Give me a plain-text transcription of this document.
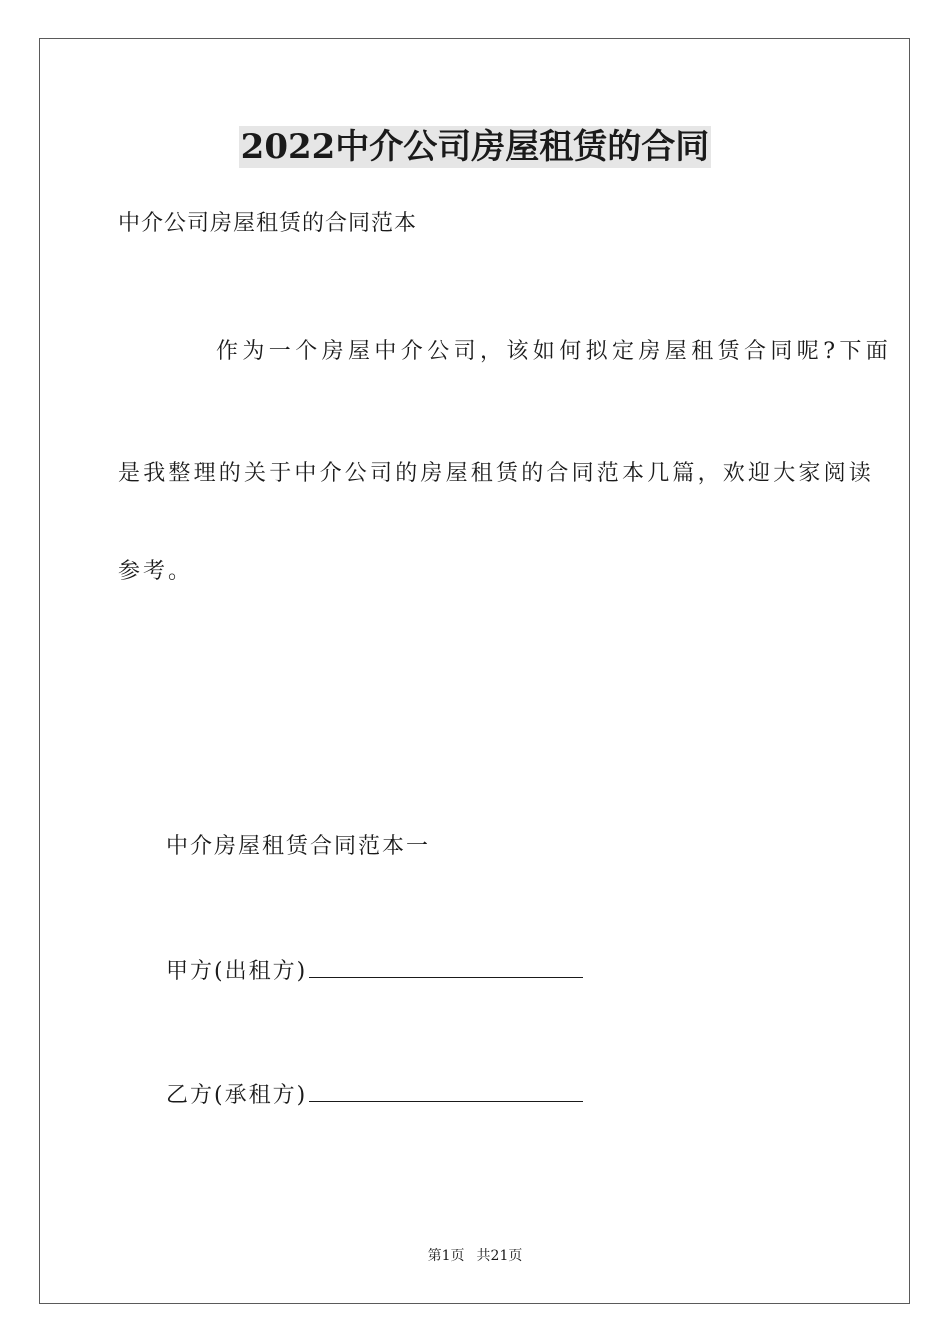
2022中介公司房屋租赁的合同
中介公司房屋租赁的合同范本
作为一个房屋中介公司，该如何拟定房屋租赁合同呢?下面
是我整理的关于中介公司的房屋租赁的合同范本几篇，欢迎大家阅读
参考。
中介房屋租赁合同范本一
甲方(出租方)
乙方(承租方)
第1页 共21页
